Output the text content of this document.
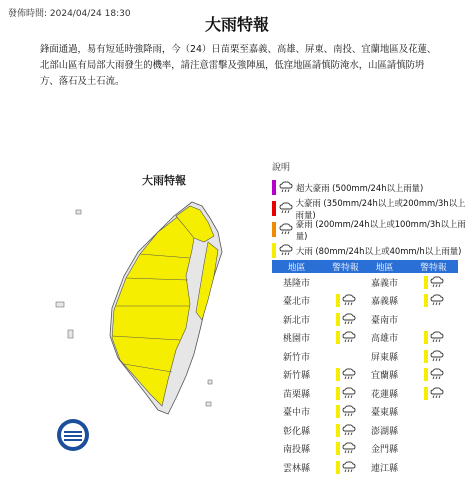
發佈時間: 2024/04/24 18:30
大雨特報
鋒面通過，易有短延時強降雨，今（24）日苗栗至嘉義、高雄、屏東、南投、宜蘭地區及花蓮、北部山區有局部大雨發生的機率，請注意雷擊及強陣風，低窪地區請慎防淹水，山區請慎防坍方、落石及土石流。
大雨特報
說明
超大豪雨 (500mm/24h以上雨量)
大豪雨 (350mm/24h以上或200mm/3h以上雨量)
豪雨 (200mm/24h以上或100mm/3h以上雨量)
大雨 (80mm/24h以上或40mm/h以上雨量)
地區	警特報
基隆市
臺北市
新北市
桃園市
新竹市
新竹縣
苗栗縣
臺中市
彰化縣
南投縣
雲林縣
地區	警特報
嘉義市
嘉義縣
臺南市
高雄市
屏東縣
宜蘭縣
花蓮縣
臺東縣
澎湖縣
金門縣
連江縣
